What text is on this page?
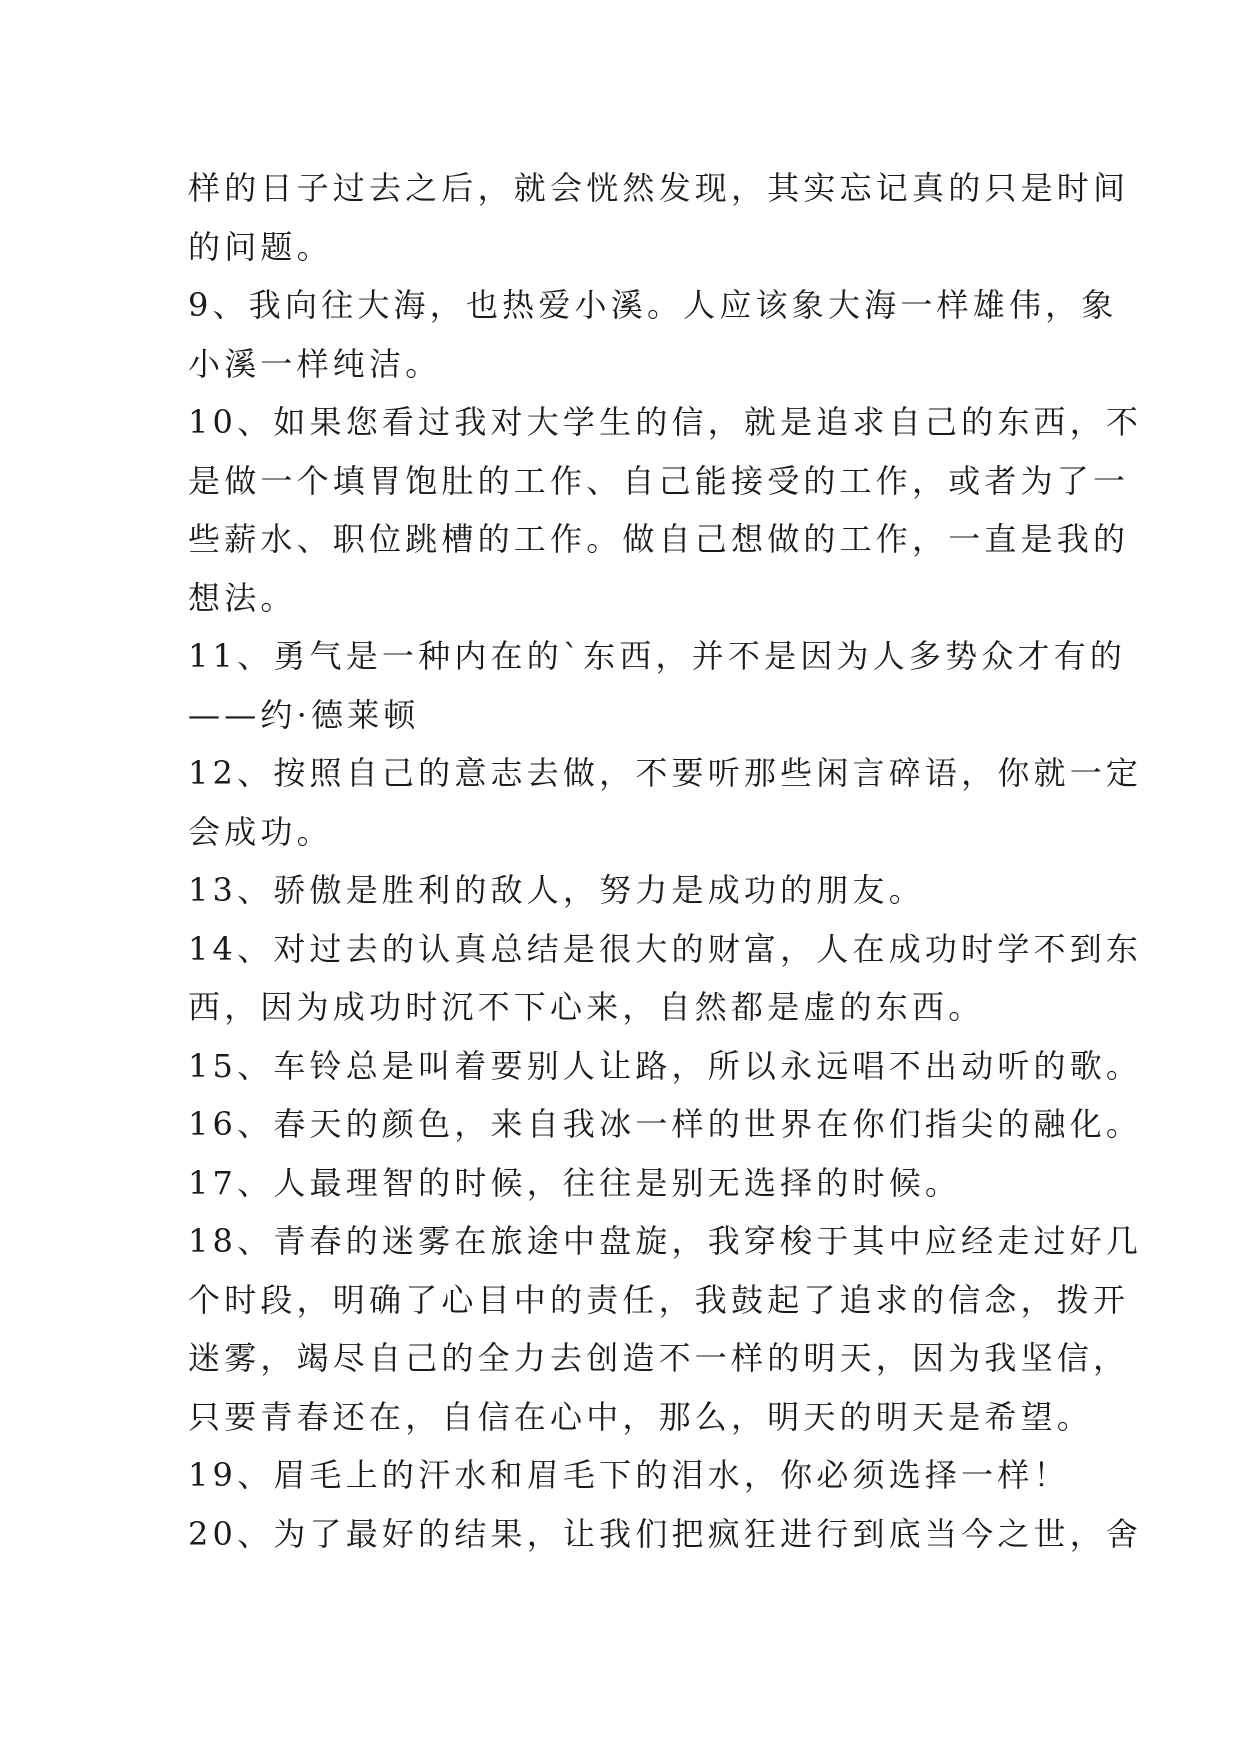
样的日子过去之后，就会恍然发现，其实忘记真的只是时间
的问题。
9、我向往大海，也热爱小溪。人应该象大海一样雄伟，象
小溪一样纯洁。
10、如果您看过我对大学生的信，就是追求自己的东西，不
是做一个填胃饱肚的工作、自己能接受的工作，或者为了一
些薪水、职位跳槽的工作。做自己想做的工作，一直是我的
想法。
11、勇气是一种内在的`东西，并不是因为人多势众才有的
——约·德莱顿
12、按照自己的意志去做，不要听那些闲言碎语，你就一定
会成功。
13、骄傲是胜利的敌人，努力是成功的朋友。
14、对过去的认真总结是很大的财富，人在成功时学不到东
西，因为成功时沉不下心来，自然都是虚的东西。
15、车铃总是叫着要别人让路，所以永远唱不出动听的歌。
16、春天的颜色，来自我冰一样的世界在你们指尖的融化。
17、人最理智的时候，往往是别无选择的时候。
18、青春的迷雾在旅途中盘旋，我穿梭于其中应经走过好几
个时段，明确了心目中的责任，我鼓起了追求的信念，拨开
迷雾，竭尽自己的全力去创造不一样的明天，因为我坚信，
只要青春还在，自信在心中，那么，明天的明天是希望。
19、眉毛上的汗水和眉毛下的泪水，你必须选择一样！
20、为了最好的结果，让我们把疯狂进行到底当今之世，舍
